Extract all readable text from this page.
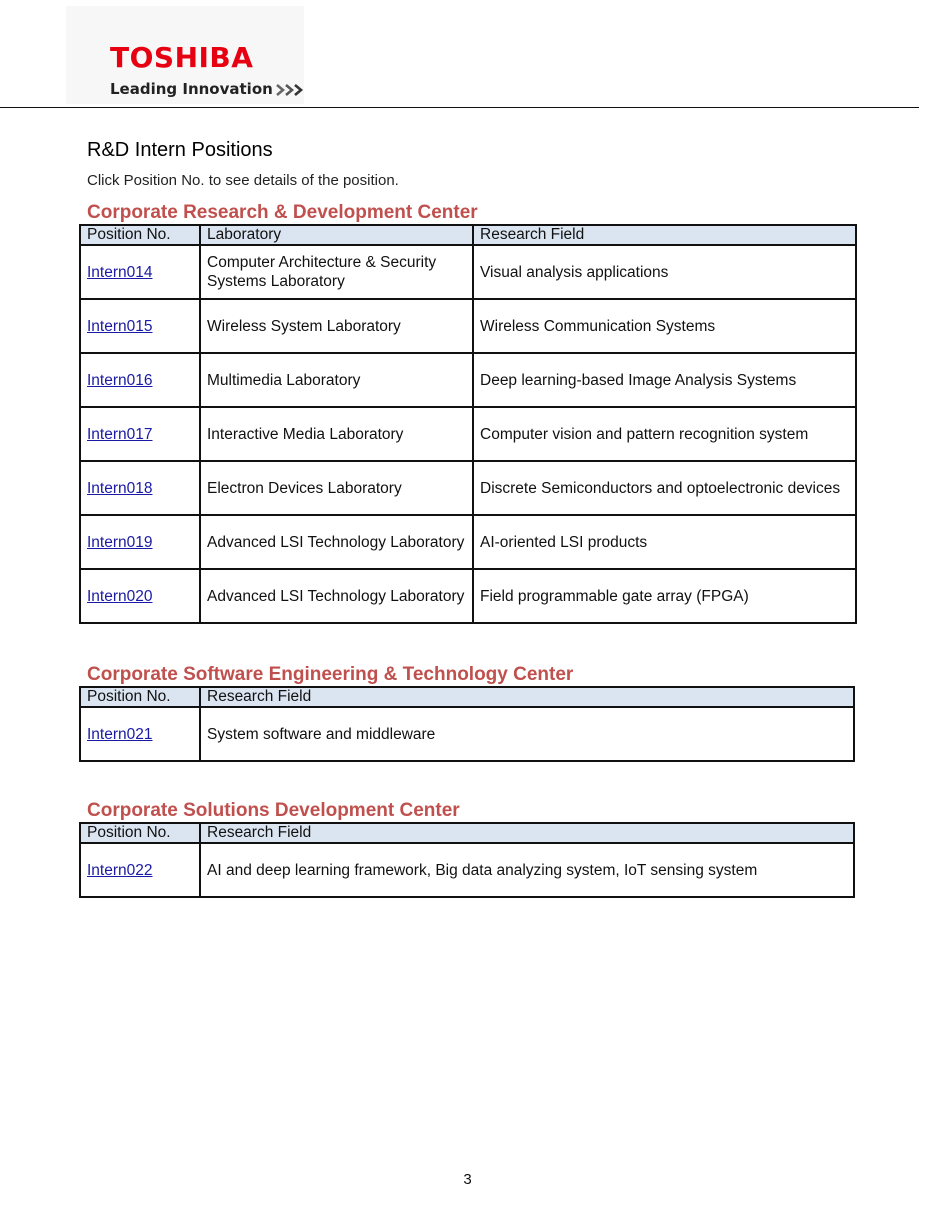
TOSHIBA
Leading Innovation
R&D Intern Positions
Click Position No. to see details of the position.
Corporate Research & Development Center
Position No.	Laboratory	Research Field
Intern014	Computer Architecture & Security Systems Laboratory	Visual analysis applications
Intern015	Wireless System Laboratory	Wireless Communication Systems
Intern016	Multimedia Laboratory	Deep learning-based Image Analysis Systems
Intern017	Interactive Media Laboratory	Computer vision and pattern recognition system
Intern018	Electron Devices Laboratory	Discrete Semiconductors and optoelectronic devices
Intern019	Advanced LSI Technology Laboratory	AI-oriented LSI products
Intern020	Advanced LSI Technology Laboratory	Field programmable gate array (FPGA)
Corporate Software Engineering & Technology Center
Position No.	Research Field
Intern021	System software and middleware
Corporate Solutions Development Center
Position No.	Research Field
Intern022	AI and deep learning framework, Big data analyzing system, IoT sensing system
3
